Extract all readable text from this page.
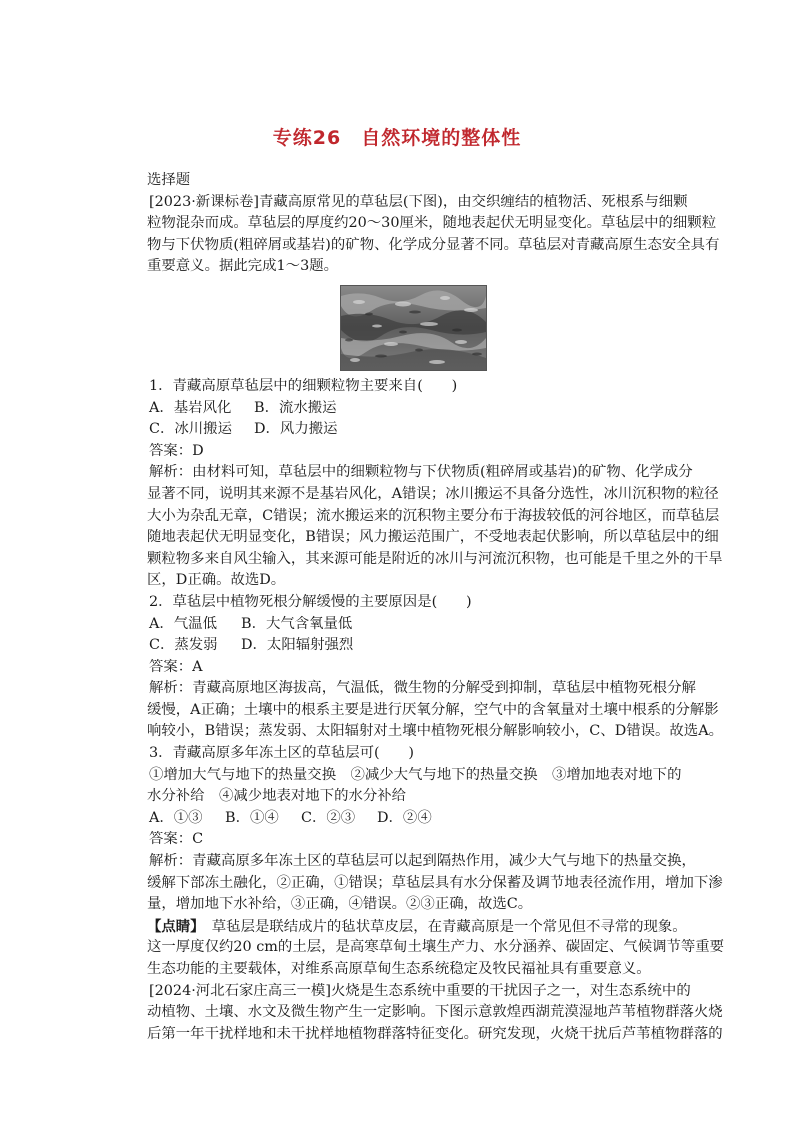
专练26　自然环境的整体性
选择题
[2023·新课标卷]青藏高原常见的草毡层(下图)，由交织缠结的植物活、死根系与细颗
粒物混杂而成。草毡层的厚度约20～30厘米，随地表起伏无明显变化。草毡层中的细颗粒
物与下伏物质(粗碎屑或基岩)的矿物、化学成分显著不同。草毡层对青藏高原生态安全具有
重要意义。据此完成1～3题。
1．青藏高原草毡层中的细颗粒物主要来自(　　)
A．基岩风化 B．流水搬运
C．冰川搬运 D．风力搬运
答案：D
解析：由材料可知，草毡层中的细颗粒物与下伏物质(粗碎屑或基岩)的矿物、化学成分
显著不同，说明其来源不是基岩风化，A错误；冰川搬运不具备分选性，冰川沉积物的粒径
大小为杂乱无章，C错误；流水搬运来的沉积物主要分布于海拔较低的河谷地区，而草毡层
随地表起伏无明显变化，B错误；风力搬运范围广，不受地表起伏影响，所以草毡层中的细
颗粒物多来自风尘输入，其来源可能是附近的冰川与河流沉积物，也可能是千里之外的干旱
区，D正确。故选D。
2．草毡层中植物死根分解缓慢的主要原因是(　　)
A．气温低 B．大气含氧量低
C．蒸发弱 D．太阳辐射强烈
答案：A
解析：青藏高原地区海拔高，气温低，微生物的分解受到抑制，草毡层中植物死根分解
缓慢，A正确；土壤中的根系主要是进行厌氧分解，空气中的含氧量对土壤中根系的分解影
响较小，B错误；蒸发弱、太阳辐射对土壤中植物死根分解影响较小，C、D错误。故选A。
3．青藏高原多年冻土区的草毡层可(　　)
①增加大气与地下的热量交换　②减少大气与地下的热量交换　③增加地表对地下的
水分补给　④减少地表对地下的水分补给
A．①③ B．①④ C．②③ D．②④
答案：C
解析：青藏高原多年冻土区的草毡层可以起到隔热作用，减少大气与地下的热量交换，
缓解下部冻土融化，②正确，①错误；草毡层具有水分保蓄及调节地表径流作用，增加下渗
量，增加地下水补给，③正确，④错误。②③正确，故选C。
【点睛】　 草毡层是联结成片的毡状草皮层，在青藏高原是一个常见但不寻常的现象。
这一厚度仅约20 cm的土层，是高寒草甸土壤生产力、水分涵养、碳固定、气候调节等重要
生态功能的主要载体，对维系高原草甸生态系统稳定及牧民福祉具有重要意义。
[2024·河北石家庄高三一模]火烧是生态系统中重要的干扰因子之一，对生态系统中的
动植物、土壤、水文及微生物产生一定影响。下图示意敦煌西湖荒漠湿地芦苇植物群落火烧
后第一年干扰样地和未干扰样地植物群落特征变化。研究发现，火烧干扰后芦苇植物群落的
